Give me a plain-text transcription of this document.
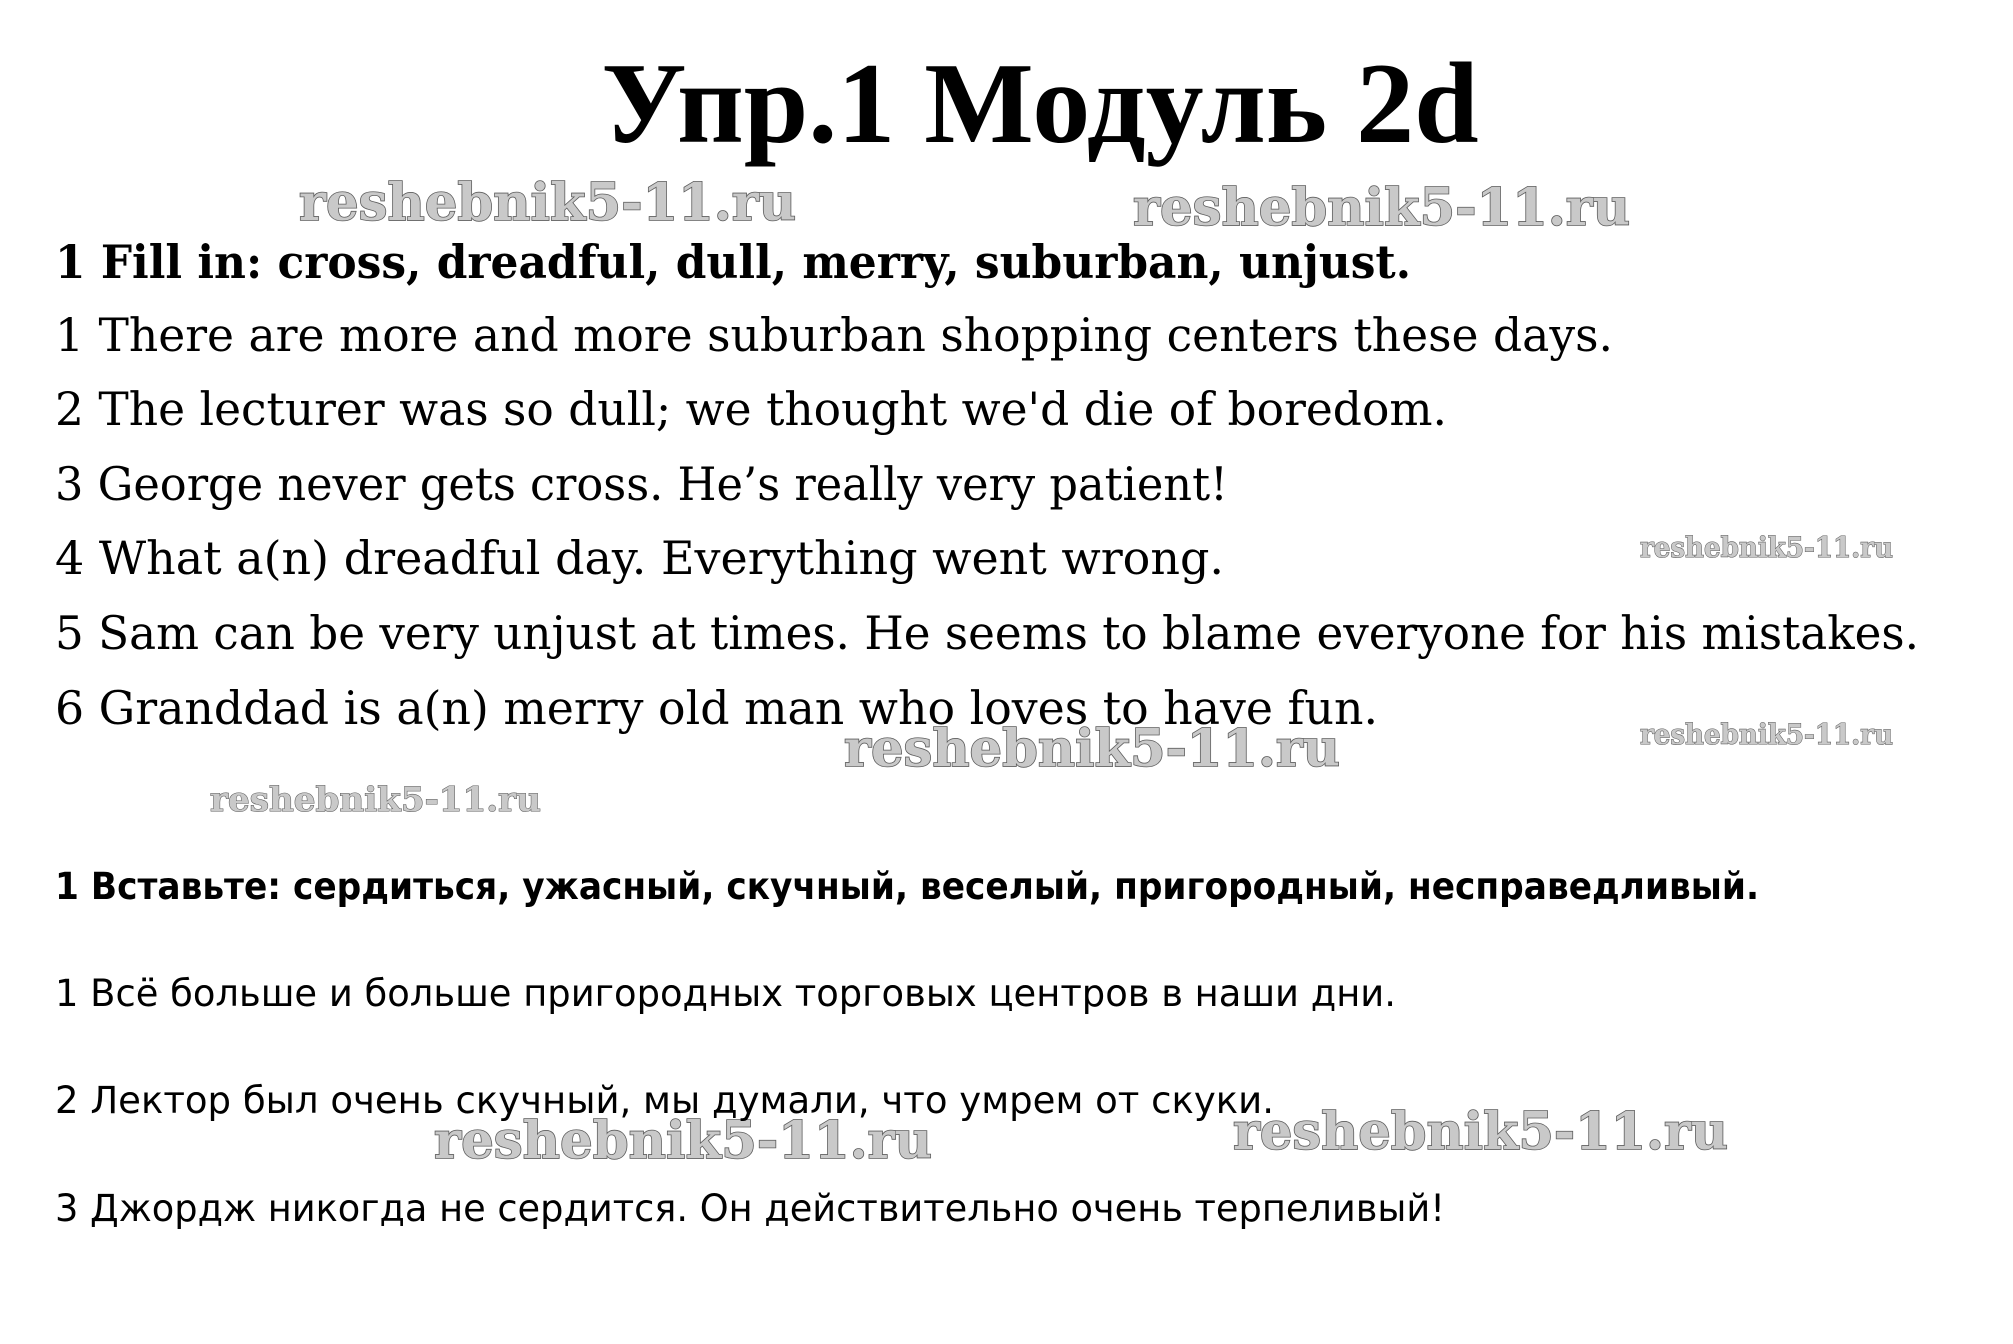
Упр.1 Модуль 2d
reshebnik5-11.ru	reshebnik5-11.ru
reshebnik5-11.ru
reshebnik5-11.ru	reshebnik5-11.ru
reshebnik5-11.ru
reshebnik5-11.ru	reshebnik5-11.ru
1 Fill in: cross, dreadful, dull, merry, suburban, unjust.
1 There are more and more suburban shopping centers these days.
2 The lecturer was so dull; we thought we'd die of boredom.
3 George never gets cross. He’s really very patient!
4 What a(n) dreadful day. Everything went wrong.
5 Sam can be very unjust at times. He seems to blame everyone for his mistakes.
6 Granddad is a(n) merry old man who loves to have fun.
1 Вставьте: сердиться, ужасный, скучный, веселый, пригородный, несправедливый.
1 Всё больше и больше пригородных торговых центров в наши дни.
2 Лектор был очень скучный, мы думали, что умрем от скуки.
3 Джордж никогда не сердится. Он действительно очень терпеливый!
